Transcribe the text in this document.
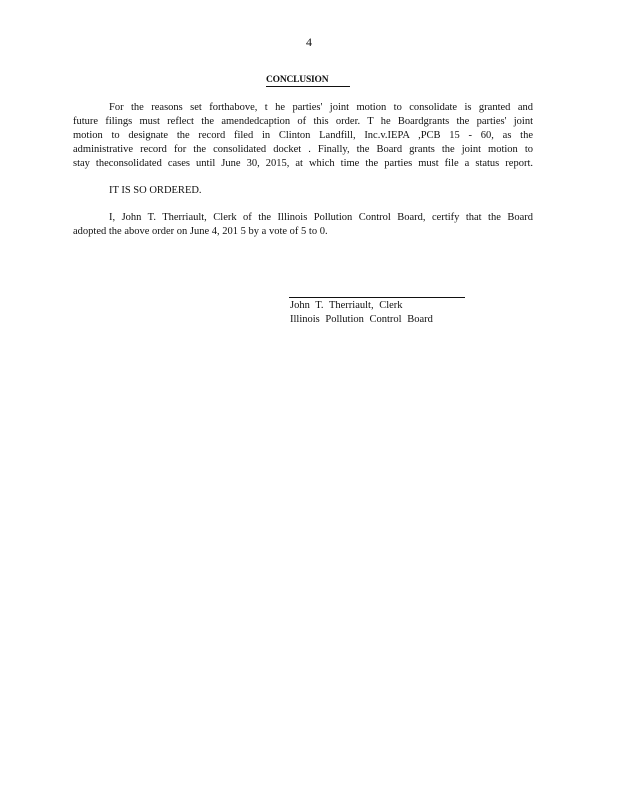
4
CONCLUSION
For the reasons set forthabove, t he parties' joint motion to consolidate is granted and
future filings must reflect the amendedcaption of this order. T he Boardgrants the parties' joint
motion to designate the record filed in Clinton Landfill, Inc.v.IEPA ,PCB 15 - 60, as the
administrative record for the consolidated docket . Finally, the Board grants the joint motion to
stay theconsolidated cases until June 30, 2015, at which time the parties must file a status report.
IT IS SO ORDERED.
I, John T. Therriault, Clerk of the Illinois Pollution Control Board, certify that the Board
adopted the above order on June 4, 201 5 by a vote of 5 to 0.
John T. Therriault, Clerk
Illinois Pollution Control Board
